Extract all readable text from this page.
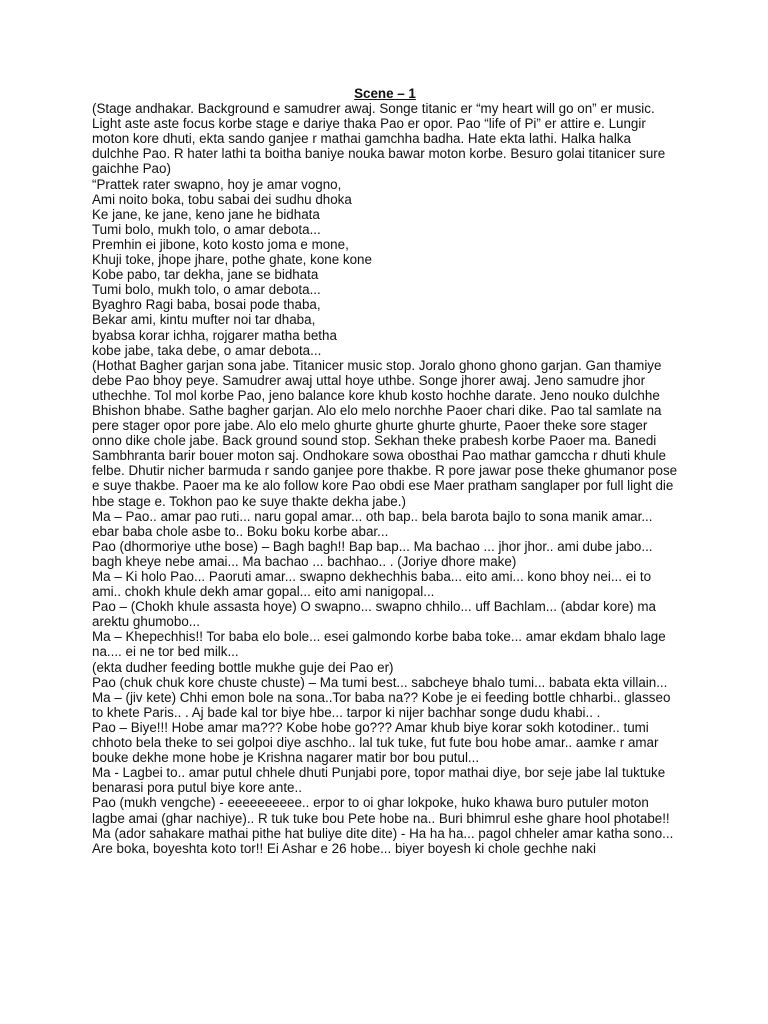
Scene – 1

(Stage andhakar. Background e samudrer awaj. Songe titanic er “my heart will go on” er music. Light aste aste focus korbe stage e dariye thaka Pao er opor. Pao “life of Pi” er attire e. Lungir moton kore dhuti, ekta sando ganjee r mathai gamchha badha. Hate ekta lathi. Halka halka dulchhe Pao. R hater lathi ta boitha baniye nouka bawar moton korbe. Besuro golai titanicer sure gaichhe Pao)

“Prattek rater swapno, hoy je amar vogno,

Ami noito boka, tobu sabai dei sudhu dhoka

Ke jane, ke jane, keno jane he bidhata

Tumi bolo, mukh tolo, o amar debota...

Premhin ei jibone, koto kosto joma e mone,

Khuji toke, jhope jhare, pothe ghate, kone kone

Kobe pabo, tar dekha, jane se bidhata

Tumi bolo, mukh tolo, o amar debota...

Byaghro Ragi baba, bosai pode thaba,

Bekar ami, kintu mufter noi tar dhaba,

byabsa korar ichha, rojgarer matha betha

kobe jabe, taka debe, o amar debota...

(Hothat Bagher garjan sona jabe. Titanicer music stop. Joralo ghono ghono garjan. Gan thamiye debe Pao bhoy peye. Samudrer awaj uttal hoye uthbe. Songe jhorer awaj. Jeno samudre jhor uthechhe. Tol mol korbe Pao, jeno balance kore khub kosto hochhe darate. Jeno nouko dulchhe Bhishon bhabe. Sathe bagher garjan. Alo elo melo norchhe Paoer chari dike. Pao tal samlate na pere stager opor pore jabe. Alo elo melo ghurte ghurte ghurte ghurte, Paoer theke sore stager onno dike chole jabe. Back ground sound stop. Sekhan theke prabesh korbe Paoer ma. Banedi Sambhranta barir bouer moton saj. Ondhokare sowa obosthai Pao mathar gamccha r dhuti khule felbe. Dhutir nicher barmuda r sando ganjee pore thakbe. R pore jawar pose theke ghumanor pose e suye thakbe. Paoer ma ke alo follow kore Pao obdi ese Maer pratham sanglaper por full light die hbe stage e. Tokhon pao ke suye thakte dekha jabe.)

Ma – Pao.. amar pao ruti... naru gopal amar... oth bap.. bela barota bajlo to sona manik amar... ebar baba chole asbe to.. Boku boku korbe abar...

Pao (dhormoriye uthe bose) – Bagh bagh!! Bap bap... Ma bachao ... jhor jhor.. ami dube jabo... bagh kheye nebe amai... Ma bachao ... bachhao.. . (Joriye dhore make)

Ma – Ki holo Pao... Paoruti amar... swapno dekhechhis baba... eito ami... kono bhoy nei... ei to ami.. chokh khule dekh amar gopal... eito ami nanigopal...

Pao – (Chokh khule assasta hoye) O swapno... swapno chhilo... uff Bachlam... (abdar kore) ma arektu ghumobo...

Ma – Khepechhis!! Tor baba elo bole... esei galmondo korbe baba toke... amar ekdam bhalo lage na.... ei ne tor bed milk...

(ekta dudher feeding bottle mukhe guje dei Pao er)

Pao (chuk chuk kore chuste chuste) – Ma tumi best... sabcheye bhalo tumi... babata ekta villain...

Ma – (jiv kete) Chhi emon bole na sona..Tor baba na?? Kobe je ei feeding bottle chharbi.. glasseo to khete Paris.. . Aj bade kal tor biye hbe... tarpor ki nijer bachhar songe dudu khabi.. .

Pao – Biye!!! Hobe amar ma??? Kobe hobe go??? Amar khub biye korar sokh kotodiner.. tumi chhoto bela theke to sei golpoi diye aschho.. lal tuk tuke, fut fute bou hobe amar.. aamke r amar bouke dekhe mone hobe je Krishna nagarer matir bor bou putul...

Ma - Lagbei to.. amar putul chhele dhuti Punjabi pore, topor mathai diye, bor seje jabe lal tuktuke benarasi pora putul biye kore ante..

Pao (mukh vengche) - eeeeeeeeee.. erpor to oi ghar lokpoke, huko khawa buro putuler moton lagbe amai (ghar nachiye).. R tuk tuke bou Pete hobe na.. Buri bhimrul eshe ghare hool photabe!!

Ma (ador sahakare mathai pithe hat buliye dite dite) - Ha ha ha... pagol chheler amar katha sono... Are boka, boyeshta koto tor!! Ei Ashar e 26 hobe... biyer boyesh ki chole gechhe naki
